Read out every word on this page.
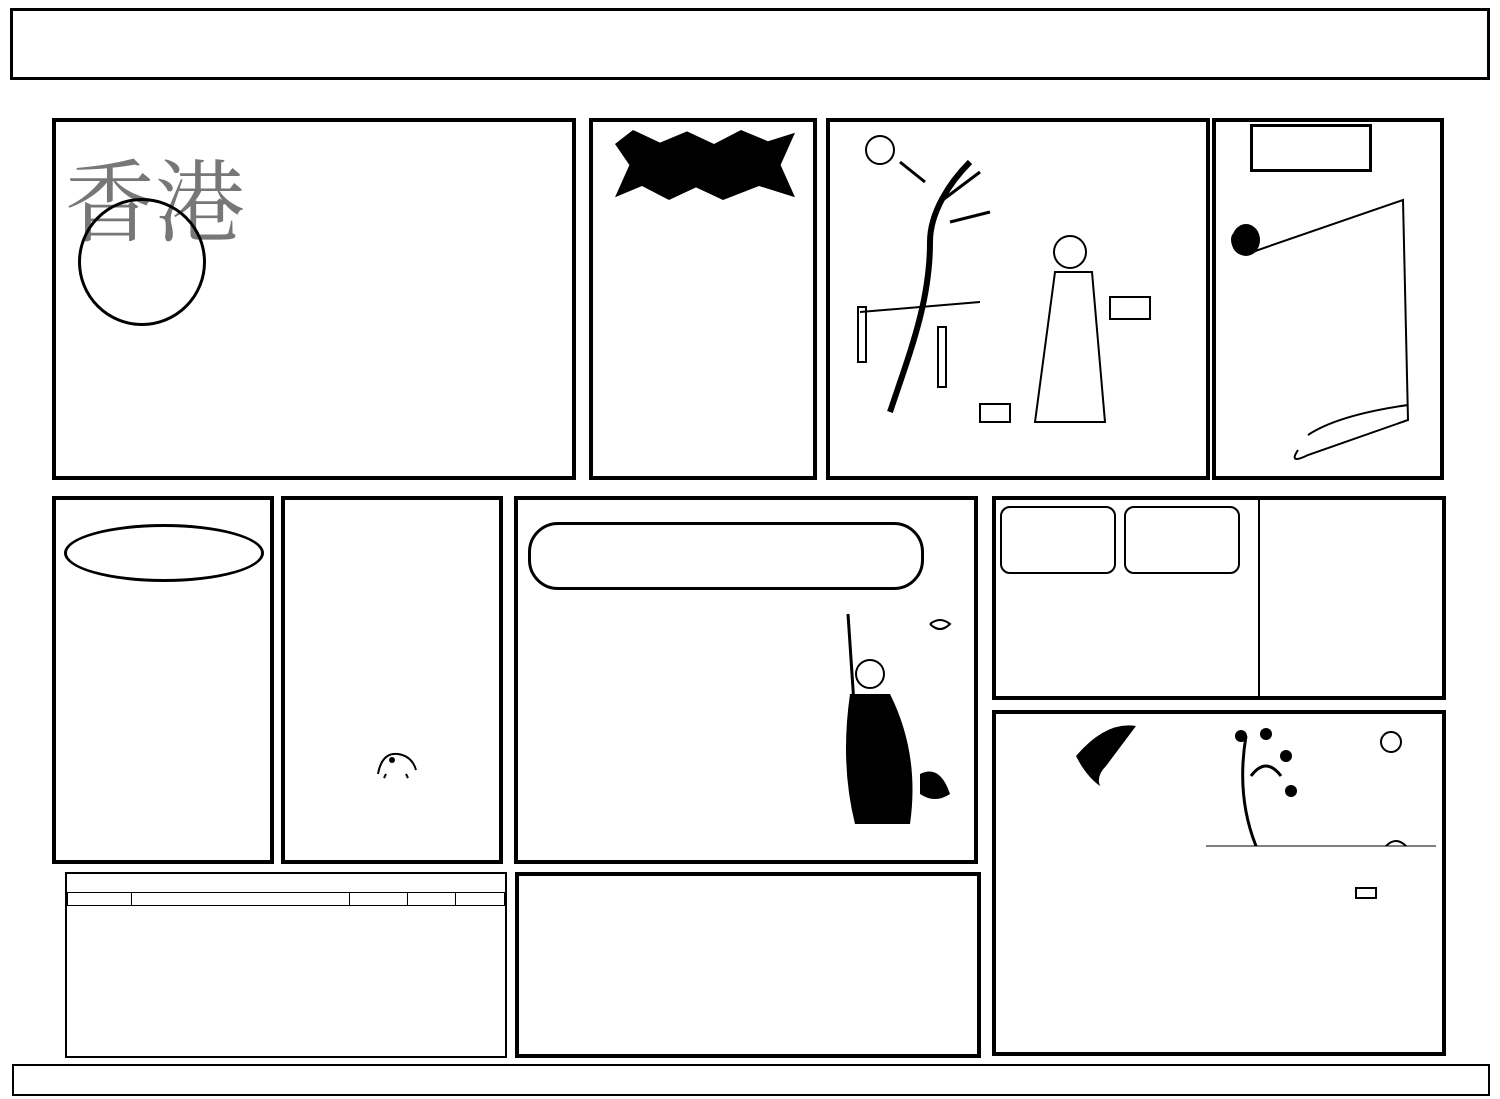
香港
